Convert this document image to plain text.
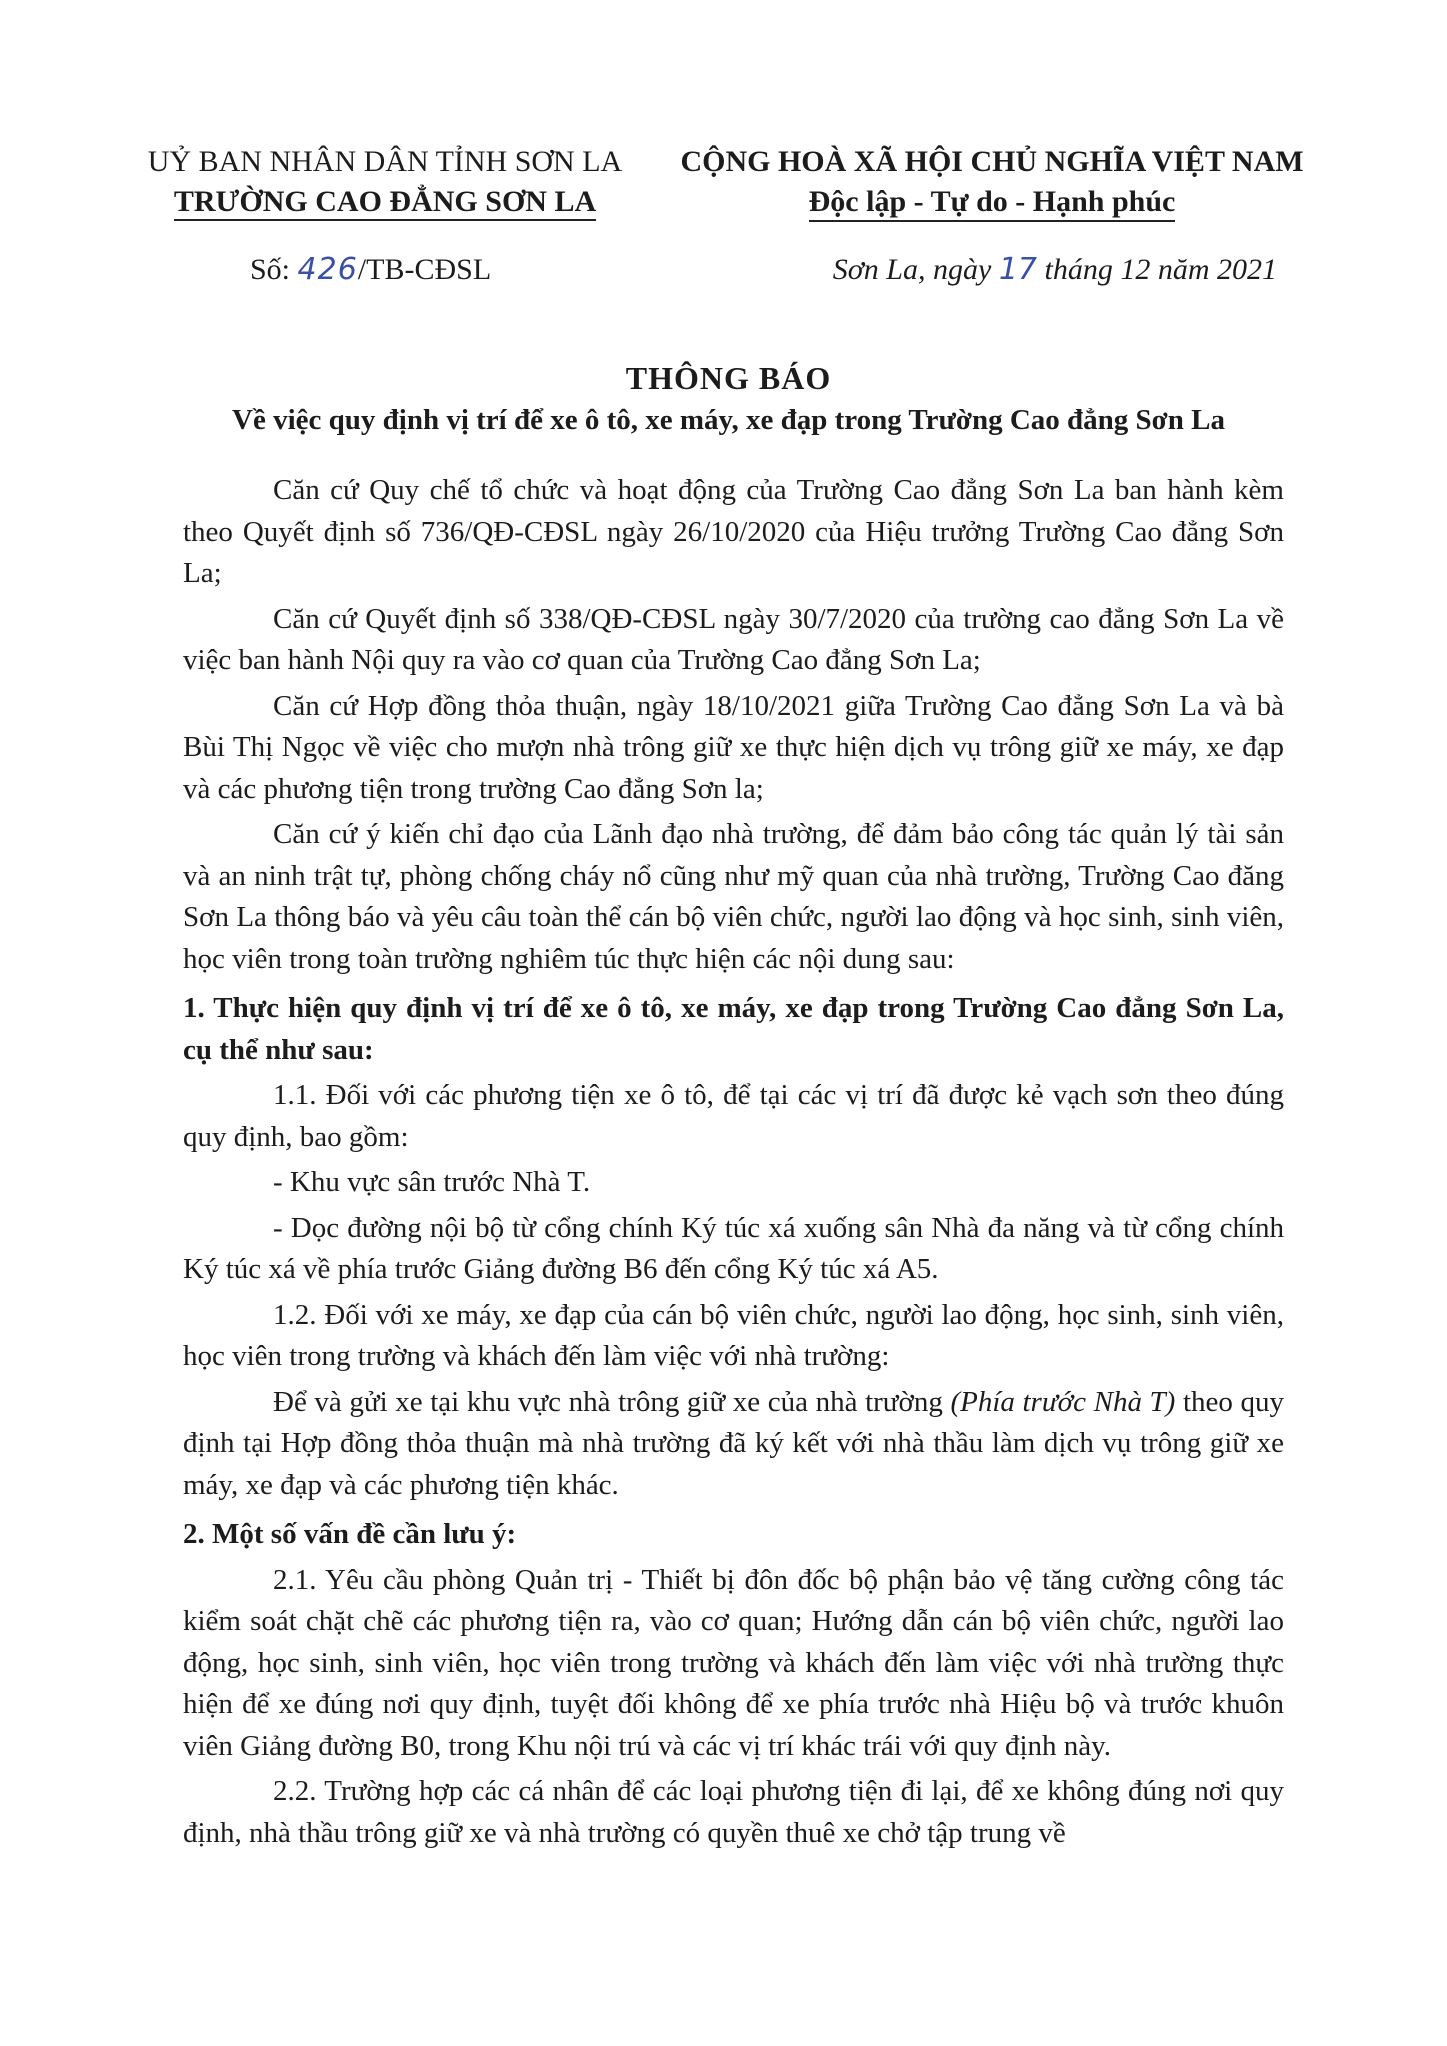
UỶ BAN NHÂN DÂN TỈNH SƠN LA
TRƯỜNG CAO ĐẲNG SƠN LA
CỘNG HOÀ XÃ HỘI CHỦ NGHĨA VIỆT NAM
Độc lập - Tự do - Hạnh phúc
Số: 426/TB-CĐSL	Sơn La, ngày 17 tháng 12 năm 2021
THÔNG BÁO
Về việc quy định vị trí để xe ô tô, xe máy, xe đạp trong Trường Cao đẳng Sơn La

Căn cứ Quy chế tổ chức và hoạt động của Trường Cao đẳng Sơn La ban hành kèm theo Quyết định số 736/QĐ-CĐSL ngày 26/10/2020 của Hiệu trưởng Trường Cao đẳng Sơn La;

Căn cứ Quyết định số 338/QĐ-CĐSL ngày 30/7/2020 của trường cao đẳng Sơn La về việc ban hành Nội quy ra vào cơ quan của Trường Cao đẳng Sơn La;

Căn cứ Hợp đồng thỏa thuận, ngày 18/10/2021 giữa Trường Cao đẳng Sơn La và bà Bùi Thị Ngọc về việc cho mượn nhà trông giữ xe thực hiện dịch vụ trông giữ xe máy, xe đạp và các phương tiện trong trường Cao đẳng Sơn la;

Căn cứ ý kiến chỉ đạo của Lãnh đạo nhà trường, để đảm bảo công tác quản lý tài sản và an ninh trật tự, phòng chống cháy nổ cũng như mỹ quan của nhà trường, Trường Cao đăng Sơn La thông báo và yêu câu toàn thể cán bộ viên chức, người lao động và học sinh, sinh viên, học viên trong toàn trường nghiêm túc thực hiện các nội dung sau:

1. Thực hiện quy định vị trí để xe ô tô, xe máy, xe đạp trong Trường Cao đẳng Sơn La, cụ thể như sau:

1.1. Đối với các phương tiện xe ô tô, để tại các vị trí đã được kẻ vạch sơn theo đúng quy định, bao gồm:

- Khu vực sân trước Nhà T.

- Dọc đường nội bộ từ cổng chính Ký túc xá xuống sân Nhà đa năng và từ cổng chính Ký túc xá về phía trước Giảng đường B6 đến cổng Ký túc xá A5.

1.2. Đối với xe máy, xe đạp của cán bộ viên chức, người lao động, học sinh, sinh viên, học viên trong trường và khách đến làm việc với nhà trường:

Để và gửi xe tại khu vực nhà trông giữ xe của nhà trường (Phía trước Nhà T) theo quy định tại Hợp đồng thỏa thuận mà nhà trường đã ký kết với nhà thầu làm dịch vụ trông giữ xe máy, xe đạp và các phương tiện khác.

2. Một số vấn đề cần lưu ý:

2.1. Yêu cầu phòng Quản trị - Thiết bị đôn đốc bộ phận bảo vệ tăng cường công tác kiểm soát chặt chẽ các phương tiện ra, vào cơ quan; Hướng dẫn cán bộ viên chức, người lao động, học sinh, sinh viên, học viên trong trường và khách đến làm việc với nhà trường thực hiện để xe đúng nơi quy định, tuyệt đối không để xe phía trước nhà Hiệu bộ và trước khuôn viên Giảng đường B0, trong Khu nội trú và các vị trí khác trái với quy định này.

2.2. Trường hợp các cá nhân để các loại phương tiện đi lại, để xe không đúng nơi quy định, nhà thầu trông giữ xe và nhà trường có quyền thuê xe chở tập trung về
